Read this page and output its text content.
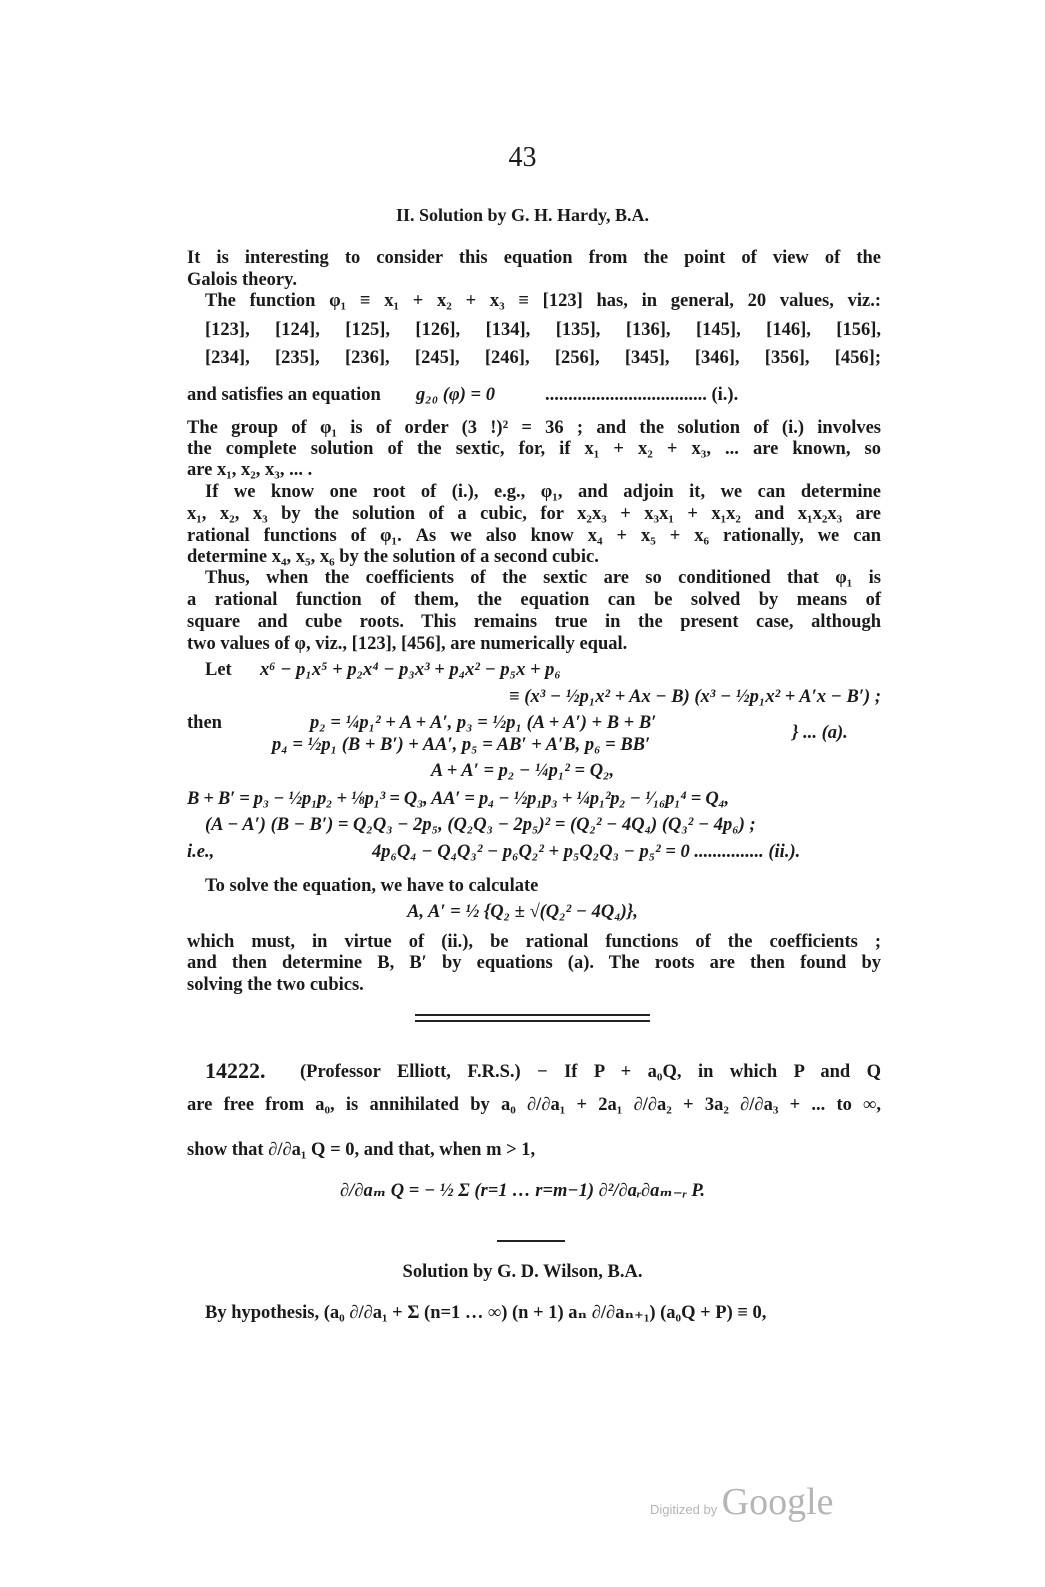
43
II. Solution by G. H. Hardy, B.A.
It is interesting to consider this equation from the point of view of the
Galois theory.
The function φ₁ ≡ x₁ + x₂ + x₃ ≡ [123] has, in general, 20 values, viz.:
[123], [124], [125], [126], [134], [135], [136], [145], [146], [156],
[234], [235], [236], [245], [246], [256], [345], [346], [356], [456];
and satisfies an equation g₂₀ (φ) = 0	................................... (i.).
The group of φ₁ is of order (3 !)² = 36 ; and the solution of (i.) involves
the complete solution of the sextic, for, if x₁ + x₂ + x₃, ... are known, so
are x₁, x₂, x₃, ... .
If we know one root of (i.), e.g., φ₁, and adjoin it, we can determine
x₁, x₂, x₃ by the solution of a cubic, for x₂x₃ + x₃x₁ + x₁x₂ and x₁x₂x₃ are
rational functions of φ₁. As we also know x₄ + x₅ + x₆ rationally, we can
determine x₄, x₅, x₆ by the solution of a second cubic.
Thus, when the coefficients of the sextic are so conditioned that φ₁ is
a rational function of them, the equation can be solved by means of
square and cube roots. This remains true in the present case, although
two values of φ, viz., [123], [456], are numerically equal.
Let x⁶ − p₁x⁵ + p₂x⁴ − p₃x³ + p₄x² − p₅x + p₆
≡ (x³ − ½p₁x² + Ax − B) (x³ − ½p₁x² + A′x − B′) ;
then	p₂ = ¼p₁² + A + A′, p₃ = ½p₁ (A + A′) + B + B′
p₄ = ½p₁ (B + B′) + AA′, p₅ = AB′ + A′B, p₆ = BB′
} ... (a).
A + A′ = p₂ − ¼p₁² = Q₂,
B + B′ = p₃ − ½p₁p₂ + ⅛p₁³ = Q₃, AA′ = p₄ − ½p₁p₃ + ¼p₁²p₂ − ¹⁄₁₆p₁⁴ = Q₄,
(A − A′) (B − B′) = Q₂Q₃ − 2p₅, (Q₂Q₃ − 2p₅)² = (Q₂² − 4Q₄) (Q₃² − 4p₆) ;
i.e.,	4p₆Q₄ − Q₄Q₃² − p₆Q₂² + p₅Q₂Q₃ − p₅² = 0 ............... (ii.).
To solve the equation, we have to calculate
A, A′ = ½ {Q₂ ± √(Q₂² − 4Q₄)},
which must, in virtue of (ii.), be rational functions of the coefficients ;
and then determine B, B′ by equations (a). The roots are then found by
solving the two cubics.
14222. (Professor Elliott, F.R.S.) − If P + a₀Q, in which P and Q
are free from a₀, is annihilated by a₀ ∂/∂a₁ + 2a₁ ∂/∂a₂ + 3a₂ ∂/∂a₃ + ... to ∞,
show that ∂/∂a₁ Q = 0, and that, when m > 1,
∂/∂aₘ Q = − ½ Σ (r=1 … r=m−1) ∂²/∂aᵣ∂aₘ₋ᵣ P.
Solution by G. D. Wilson, B.A.
By hypothesis, (a₀ ∂/∂a₁ + Σ (n=1 … ∞) (n + 1) aₙ ∂/∂aₙ₊₁) (a₀Q + P) ≡ 0,
Digitized by Google
